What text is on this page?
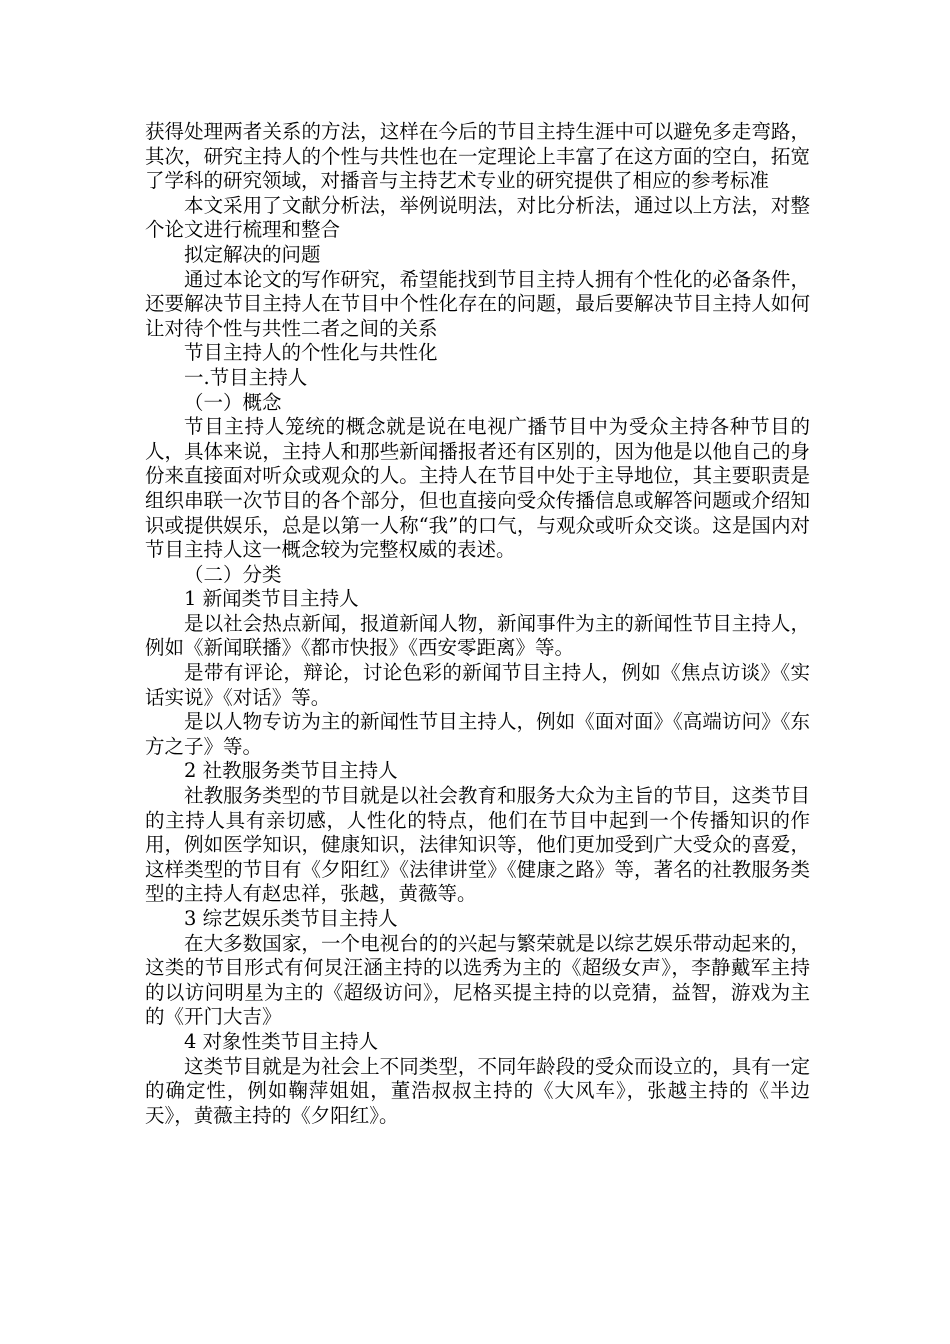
获得处理两者关系的方法，这样在今后的节目主持生涯中可以避免多走弯路，其次，研究主持人的个性与共性也在一定理论上丰富了在这方面的空白，拓宽了学科的研究领域，对播音与主持艺术专业的研究提供了相应的参考标准

本文采用了文献分析法，举例说明法，对比分析法，通过以上方法，对整个论文进行梳理和整合

拟定解决的问题

通过本论文的写作研究，希望能找到节目主持人拥有个性化的必备条件，还要解决节目主持人在节目中个性化存在的问题，最后要解决节目主持人如何让对待个性与共性二者之间的关系

节目主持人的个性化与共性化

一.节目主持人

（一）概念

节目主持人笼统的概念就是说在电视广播节目中为受众主持各种节目的人，具体来说，主持人和那些新闻播报者还有区别的，因为他是以他自己的身份来直接面对听众或观众的人。主持人在节目中处于主导地位，其主要职责是组织串联一次节目的各个部分，但也直接向受众传播信息或解答问题或介绍知识或提供娱乐，总是以第一人称“我”的口气，与观众或听众交谈。这是国内对节目主持人这一概念较为完整权威的表述。

（二）分类

1 新闻类节目主持人

是以社会热点新闻，报道新闻人物，新闻事件为主的新闻性节目主持人，例如《新闻联播》《都市快报》《西安零距离》等。

是带有评论，辩论，讨论色彩的新闻节目主持人，例如《焦点访谈》《实话实说》《对话》等。

是以人物专访为主的新闻性节目主持人，例如《面对面》《高端访问》《东方之子》等。

2 社教服务类节目主持人

社教服务类型的节目就是以社会教育和服务大众为主旨的节目，这类节目的主持人具有亲切感，人性化的特点，他们在节目中起到一个传播知识的作用，例如医学知识，健康知识，法律知识等，他们更加受到广大受众的喜爱，这样类型的节目有《夕阳红》《法律讲堂》《健康之路》等，著名的社教服务类型的主持人有赵忠祥，张越，黄薇等。

3 综艺娱乐类节目主持人

在大多数国家，一个电视台的的兴起与繁荣就是以综艺娱乐带动起来的，这类的节目形式有何炅汪涵主持的以选秀为主的《超级女声》，李静戴军主持的以访问明星为主的《超级访问》，尼格买提主持的以竞猜，益智，游戏为主的《开门大吉》

4 对象性类节目主持人

这类节目就是为社会上不同类型，不同年龄段的受众而设立的，具有一定的确定性，例如鞠萍姐姐，董浩叔叔主持的《大风车》，张越主持的《半边天》，黄薇主持的《夕阳红》。
